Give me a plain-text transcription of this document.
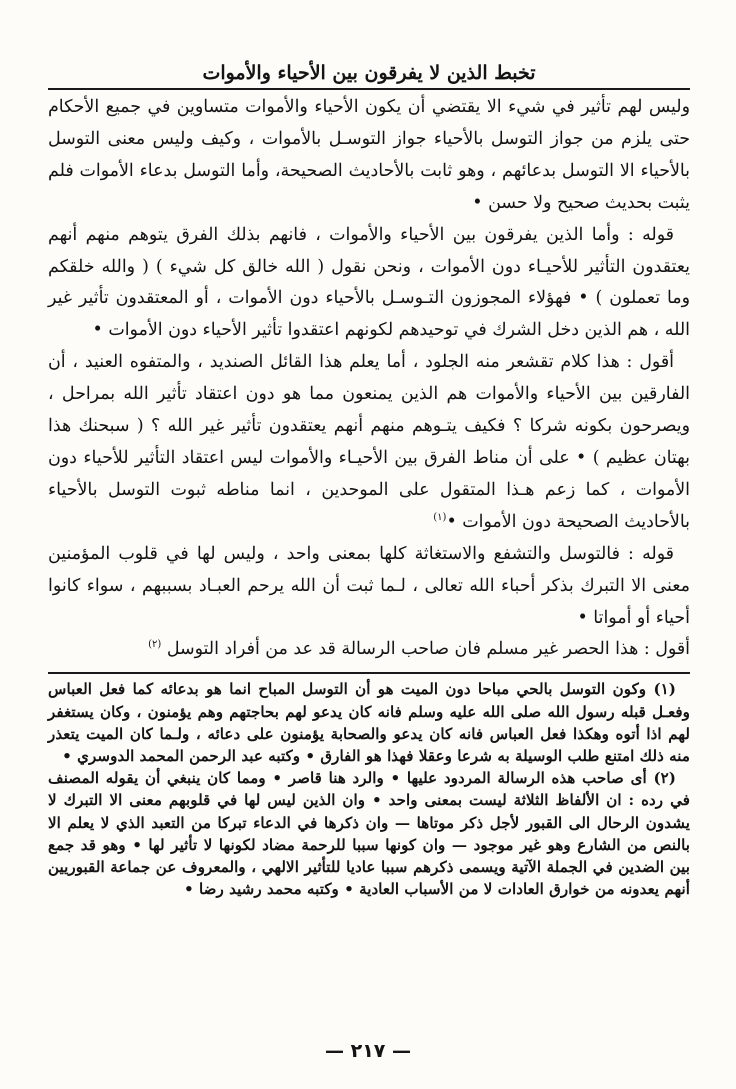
تخبط الذين لا يفرقون بين الأحياء والأموات

وليس لهم تأثير في شيء الا يقتضي أن يكون الأحياء والأموات متساوين في جميع الأحكام حتى يلزم من جواز التوسل بالأحياء جواز التوسـل بالأموات ، وكيف وليس معنى التوسل بالأحياء الا التوسل بدعائهم ، وهو ثابت بالأحاديث الصحيحة، وأما التوسل بدعاء الأموات فلم يثبت بحديث صحيح ولا حسن •

قوله : وأما الذين يفرقون بين الأحياء والأموات ، فانهم بذلك الفرق يتوهم منهم أنهم يعتقدون التأثير للأحيـاء دون الأموات ، ونحن نقول ( الله خالق كل شيء ) ( والله خلقكم وما تعملون ) • فهؤلاء المجوزون التـوسـل بالأحياء دون الأموات ، أو المعتقدون تأثير غير الله ، هم الذين دخل الشرك في توحيدهم لكونهم اعتقدوا تأثير الأحياء دون الأموات •

أقول : هذا كلام تقشعر منه الجلود ، أما يعلم هذا القائل الصنديد ، والمتفوه العنيد ، أن الفارقين بين الأحياء والأموات هم الذين يمنعون مما هو دون اعتقاد تأثير الله بمراحل ، ويصرحون بكونه شركا ؟ فكيف يتـوهم منهم أنهم يعتقدون تأثير غير الله ؟ ( سبحنك هذا بهتان عظيم ) • على أن مناط الفرق بين الأحيـاء والأموات ليس اعتقاد التأثير للأحياء دون الأموات ، كما زعم هـذا المتقول على الموحدين ، انما مناطه ثبوت التوسل بالأحياء بالأحاديث الصحيحة دون الأموات •$^{(١)}$

قوله : فالتوسل والتشفع والاستغاثة كلها بمعنى واحد ، وليس لها في قلوب المؤمنين معنى الا التبرك بذكر أحباء الله تعالى ، لـما ثبت أن الله يرحم العبـاد بسببهم ، سواء كانوا أحياء أو أمواتا •

أقول : هذا الحصر غير مسلم فان صاحب الرسالة قد عد من أفراد التوسل $^{(٢)}$

(١) وكون التوسل بالحي مباحا دون الميت هو أن التوسل المباح انما هو بدعائه كما فعل العباس وفعـل قبله رسول الله صلى الله عليه وسلم فانه كان يدعو لهم بحاجتهم وهم يؤمنون ، وكان يستغفر لهم اذا أتوه وهكذا فعل العباس فانه كان يدعو والصحابة يؤمنون على دعائه ، ولـما كان الميت يتعذر منه ذلك امتنع طلب الوسيلة به شرعا وعقلا فهذا هو الفارق • وكتبه عبد الرحمن المحمد الدوسري •

(٢) أى صاحب هذه الرسالة المردود عليها • والرد هنا قاصر • ومما كان ينبغي أن يقوله المصنف في رده : ان الألفاظ الثلاثة ليست بمعنى واحد • وان الذين ليس لها في قلوبهم معنى الا التبرك لا يشدون الرحال الى القبور لأجل ذكر موتاها — وان ذكرها في الدعاء تبركا من التعبد الذي لا يعلم الا بالنص من الشارع وهو غير موجود — وان كونها سببا للرحمة مضاد لكونها لا تأثير لها • وهو قد جمع بين الضدين في الجملة الآتية ويسمى ذكرهم سببا عاديا للتأثير الالهي ، والمعروف عن جماعة القبوريين أنهم يعدونه من خوارق العادات لا من الأسباب العادية • وكتبه محمد رشيد رضا •

— ٢١٧ —
